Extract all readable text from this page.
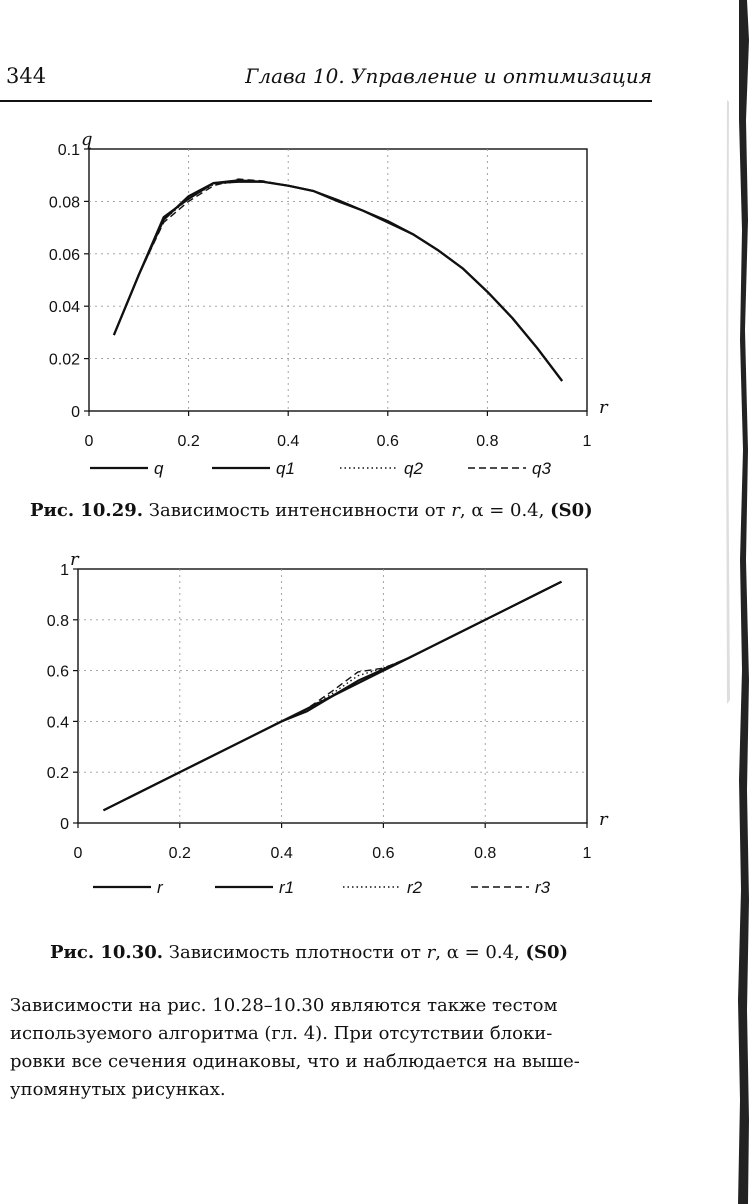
344	Глава 10. Управление и оптимизация
0
0.02
0.04
0.06
0.08
0.1
0	0.2	0.4	0.6	0.8	1
q
r
q	q1	q2	q3
Рис. 10.29. Зависимость интенсивности от r, α = 0.4, (S0)
0
0.2
0.4
0.6
0.8
1
0	0.2	0.4	0.6	0.8	1
r
r
r	r1	r2	r3
Рис. 10.30. Зависимость плотности от r, α = 0.4, (S0)
Зависимости на рис. 10.28–10.30 являются также тестом
используемого алгоритма (гл. 4). При отсутствии блоки-
ровки все сечения одинаковы, что и наблюдается на выше-
упомянутых рисунках.
